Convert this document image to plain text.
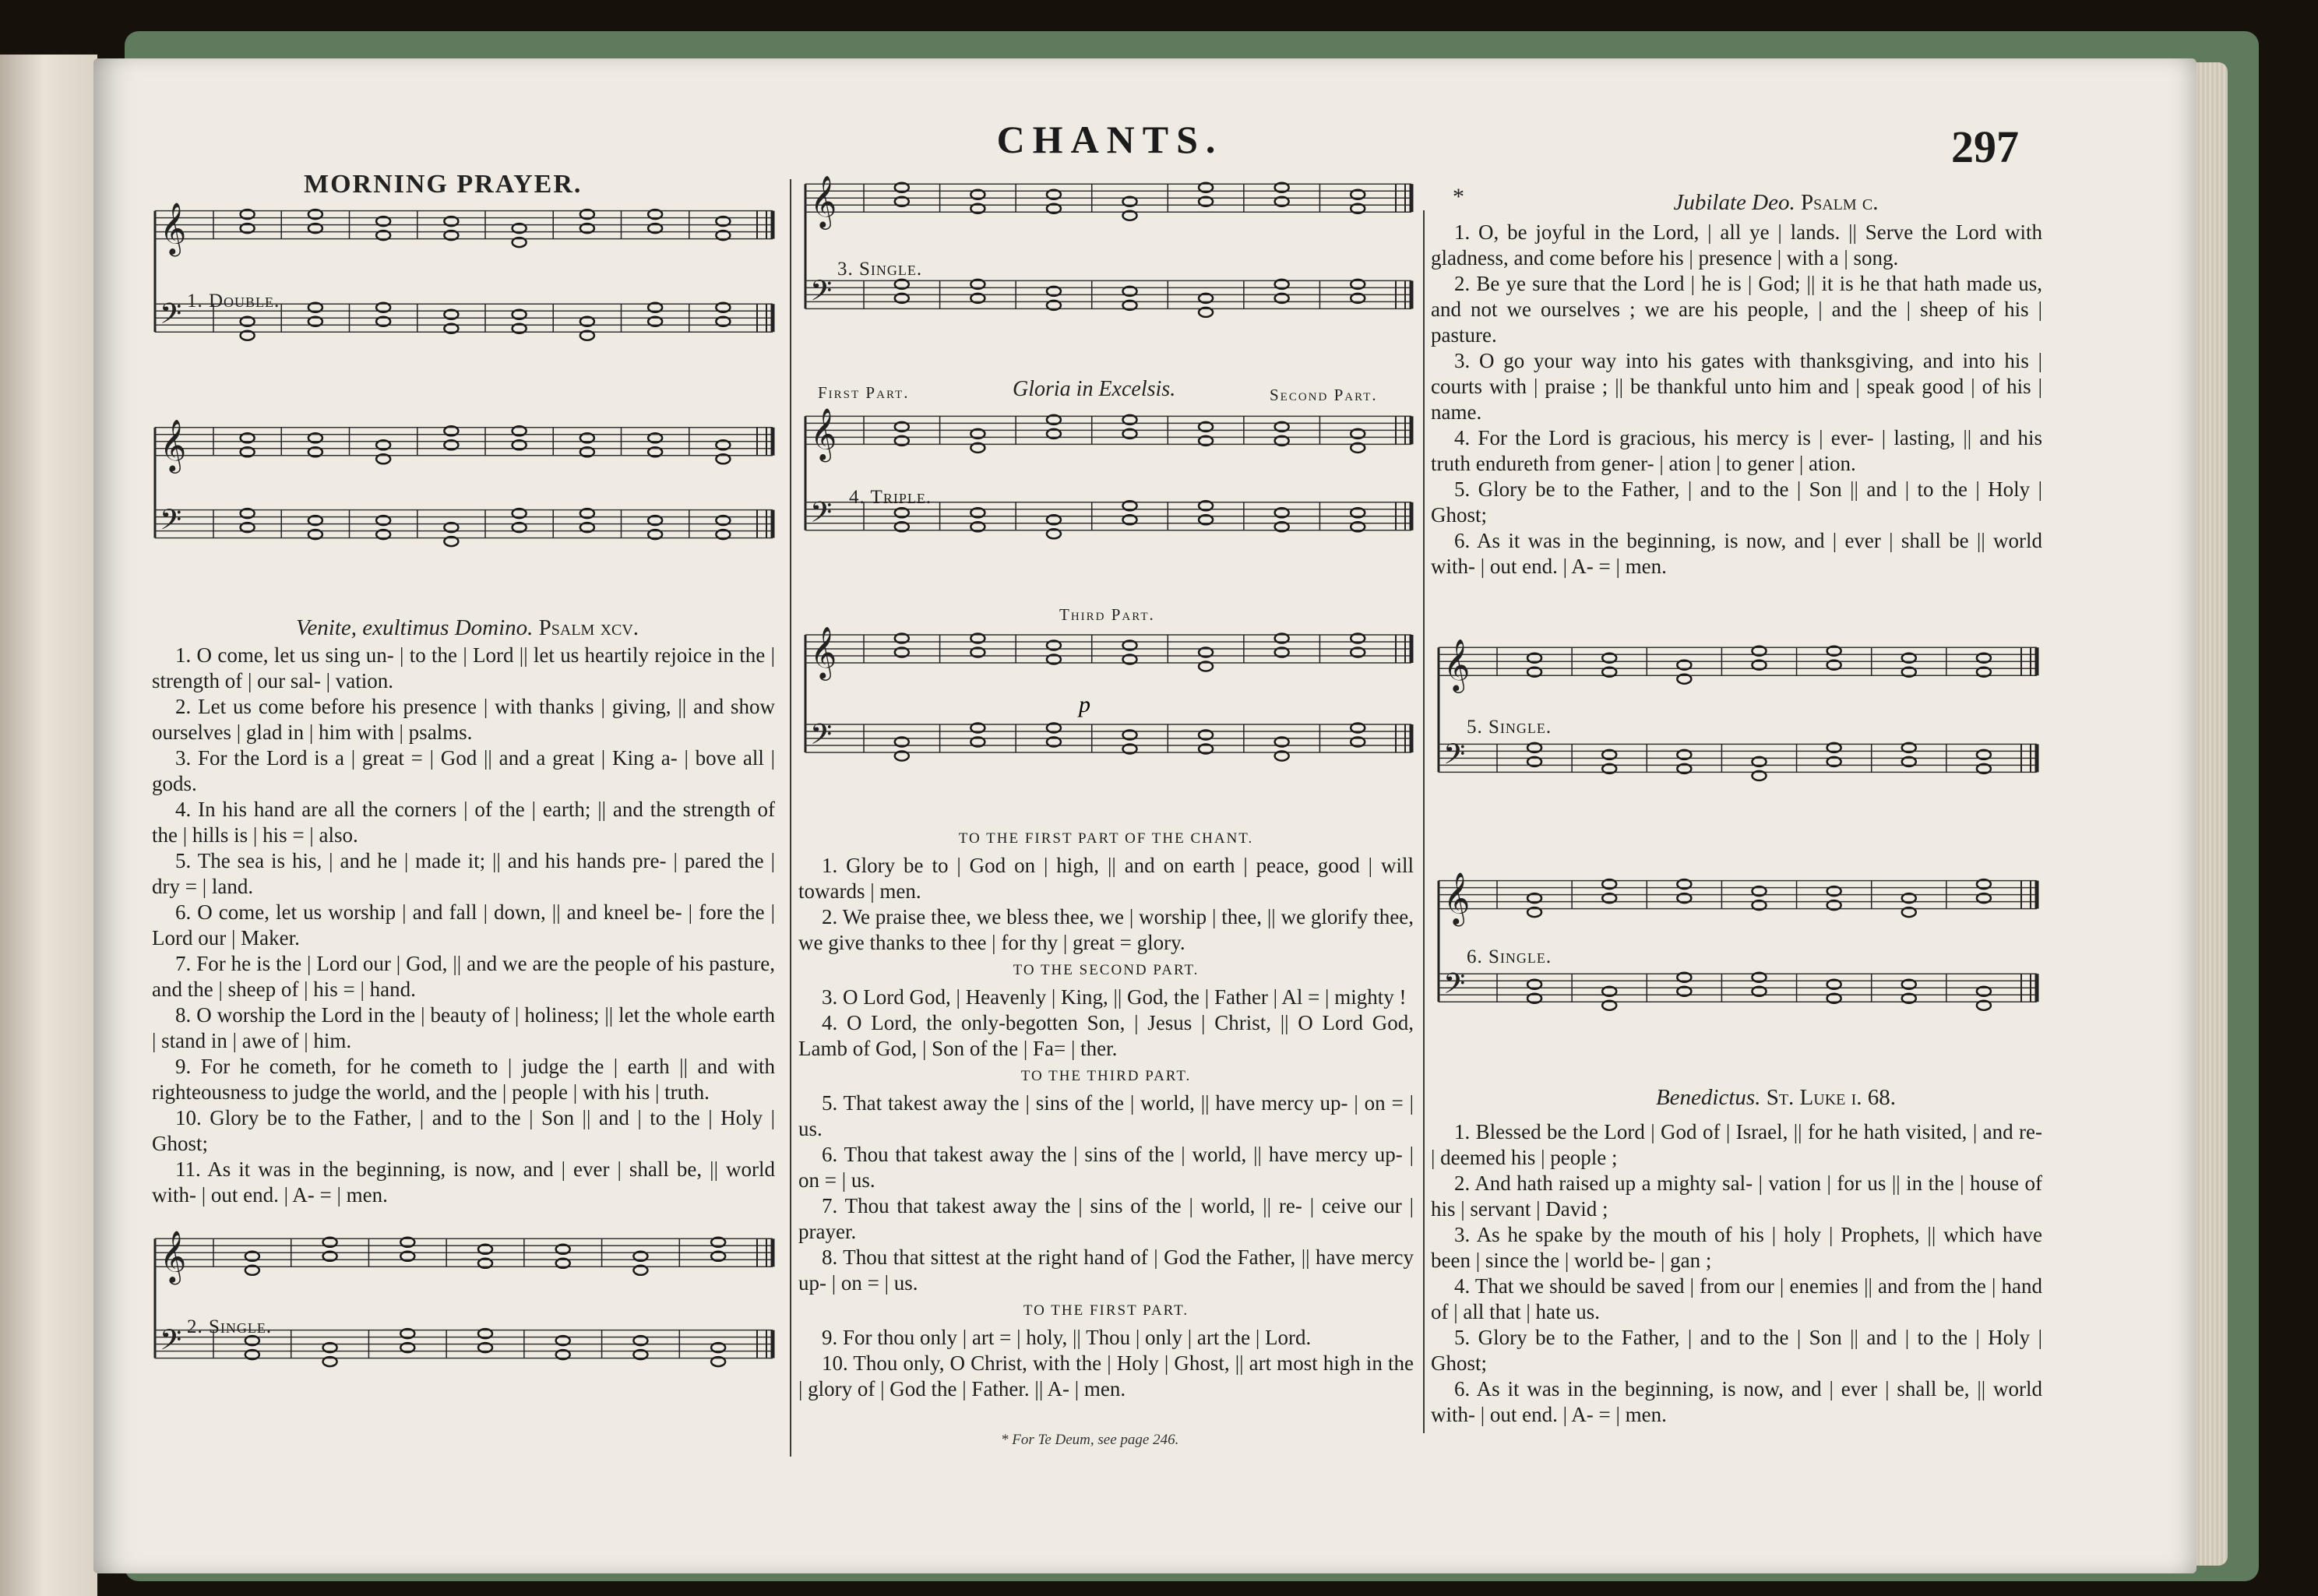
CHANTS.	297
MORNING PRAYER.
𝄞
𝄢 1. Double.
𝄞
𝄢
Venite, exultimus Domino. Psalm xcv.

1. O come, let us sing un- | to the | Lord || let us heartily rejoice in the | strength of | our sal- | vation.

2. Let us come before his presence | with thanks | giving, || and show ourselves | glad in | him with | psalms.

3. For the Lord is a | great = | God || and a great | King a- | bove all | gods.

4. In his hand are all the corners | of the | earth; || and the strength of the | hills is | his = | also.

5. The sea is his, | and he | made it; || and his hands pre- | pared the | dry = | land.

6. O come, let us worship | and fall | down, || and kneel be- | fore the | Lord our | Maker.

7. For he is the | Lord our | God, || and we are the people of his pasture, and the | sheep of | his = | hand.

8. O worship the Lord in the | beauty of | holiness; || let the whole earth | stand in | awe of | him.

9. For he cometh, for he cometh to | judge the | earth || and with righteousness to judge the world, and the | people | with his | truth.

10. Glory be to the Father, | and to the | Son || and | to the | Holy | Ghost;

11. As it was in the beginning, is now, and | ever | shall be, || world with- | out end. | A- = | men.

𝄞
𝄢 2. Single.
𝄞
𝄢
3. Single.
First Part.	Gloria in Excelsis.	Second Part.
𝄞
𝄢 4. Triple.
Third Part.
𝄞
𝄢
p

TO THE FIRST PART OF THE CHANT.

1. Glory be to | God on | high, || and on earth | peace, good | will towards | men.

2. We praise thee, we bless thee, we | worship | thee, || we glorify thee, we give thanks to thee | for thy | great = glory.

TO THE SECOND PART.

3. O Lord God, | Heavenly | King, || God, the | Father | Al = | mighty !

4. O Lord, the only-begotten Son, | Jesus | Christ, || O Lord God, Lamb of God, | Son of the | Fa= | ther.

TO THE THIRD PART.

5. That takest away the | sins of the | world, || have mercy up- | on = | us.

6. Thou that takest away the | sins of the | world, || have mercy up- | on = | us.

7. Thou that takest away the | sins of the | world, || re- | ceive our | prayer.

8. Thou that sittest at the right hand of | God the Father, || have mercy up- | on = | us.

TO THE FIRST PART.

9. For thou only | art = | holy, || Thou | only | art the | Lord.

10. Thou only, O Christ, with the | Holy | Ghost, || art most high in the | glory of | God the | Father. || A- | men.

* For Te Deum, see page 246.
*	Jubilate Deo. Psalm c.

1. O, be joyful in the Lord, | all ye | lands. || Serve the Lord with gladness, and come before his | presence | with a | song.

2. Be ye sure that the Lord | he is | God; || it is he that hath made us, and not we ourselves ; we are his people, | and the | sheep of his | pasture.

3. O go your way into his gates with thanksgiving, and into his | courts with | praise ; || be thankful unto him and | speak good | of his | name.

4. For the Lord is gracious, his mercy is | ever- | lasting, || and his truth endureth from gener- | ation | to gener | ation.

5. Glory be to the Father, | and to the | Son || and | to the | Holy | Ghost;

6. As it was in the beginning, is now, and | ever | shall be || world with- | out end. | A- = | men.

𝄞
𝄢
5. Single.
𝄞
𝄢
6. Single.
Benedictus. St. Luke i. 68.

1. Blessed be the Lord | God of | Israel, || for he hath visited, | and re- | deemed his | people ;

2. And hath raised up a mighty sal- | vation | for us || in the | house of his | servant | David ;

3. As he spake by the mouth of his | holy | Prophets, || which have been | since the | world be- | gan ;

4. That we should be saved | from our | enemies || and from the | hand of | all that | hate us.

5. Glory be to the Father, | and to the | Son || and | to the | Holy | Ghost;

6. As it was in the beginning, is now, and | ever | shall be, || world with- | out end. | A- = | men.
